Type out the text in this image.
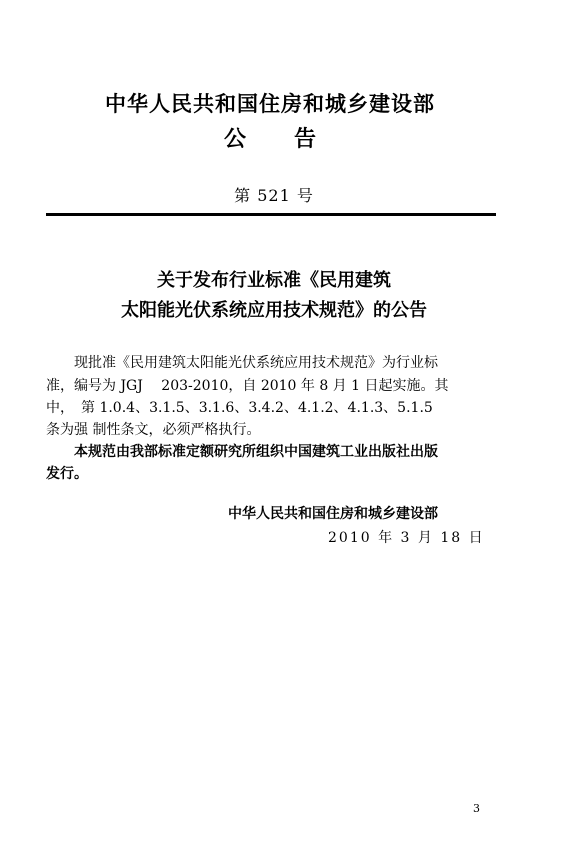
中华人民共和国住房和城乡建设部
公告
第 521 号
关于发布行业标准《民用建筑
太阳能光伏系统应用技术规范》的公告
　　现批准《民用建筑太阳能光伏系统应用技术规范》为行业标
准，编号为 JGJ　 203-2010，自 2010 年 8 月 1 日起实施。其
中，　第 1.0.4、3.1.5、3.1.6、3.4.2、4.1.2、4.1.3、5.1.5
条为强 制性条文，必须严格执行。
　　本规范由我部标准定额研究所组织中国建筑工业出版社出版
发行。
中华人民共和国住房和城乡建设部
2010 年 3 月 18 日
3
